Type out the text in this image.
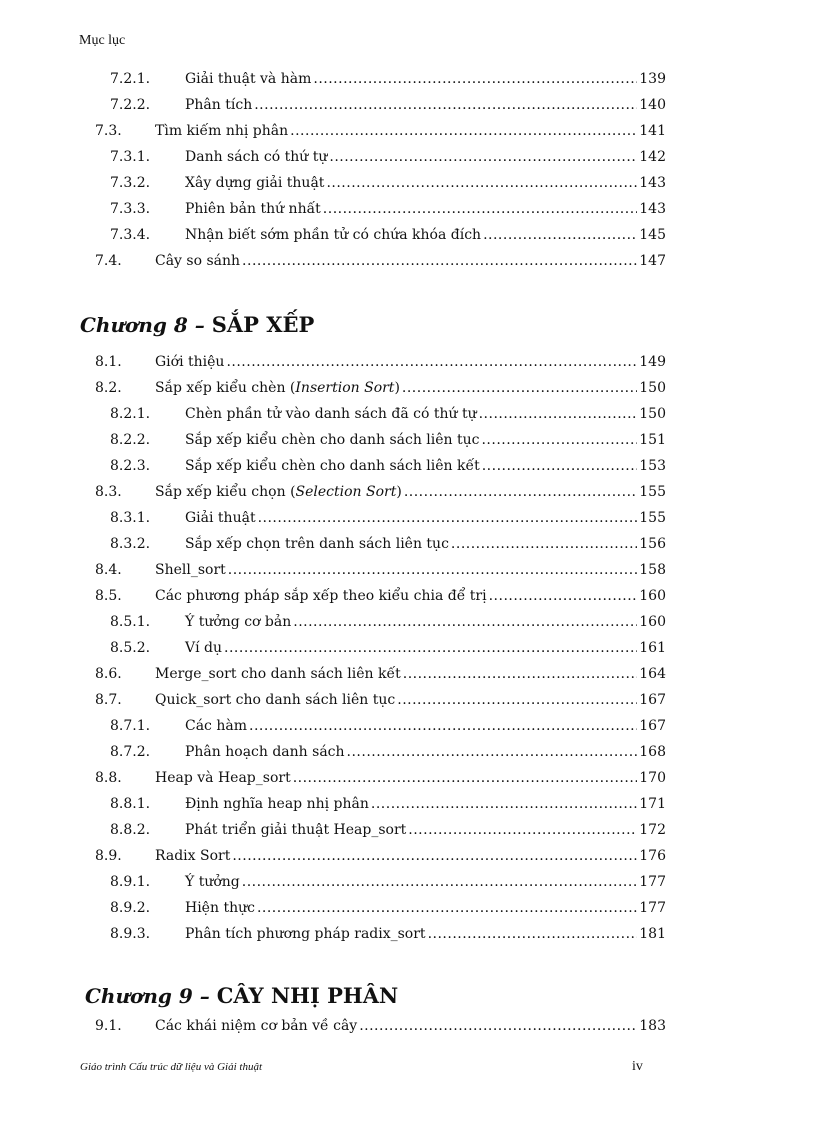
Mục lục
7.2.1. Giải thuật và hàm .....	139
7.2.2. Phân tích .....	140
7.3. Tìm kiếm nhị phân .....	141
7.3.1. Danh sách có thứ tự .....	142
7.3.2. Xây dựng giải thuật .....	143
7.3.3. Phiên bản thứ nhất .....	143
7.3.4. Nhận biết sớm phần tử có chứa khóa đích .....	145
7.4. Cây so sánh .....	147
Chương 8 – SẮP XẾP
8.1. Giới thiệu .....	149
8.2. Sắp xếp kiểu chèn (Insertion Sort) .....	150
8.2.1. Chèn phần tử vào danh sách đã có thứ tự .....	150
8.2.2. Sắp xếp kiểu chèn cho danh sách liên tục .....	151
8.2.3. Sắp xếp kiểu chèn cho danh sách liên kết .....	153
8.3. Sắp xếp kiểu chọn (Selection Sort) .....	155
8.3.1. Giải thuật .....	155
8.3.2. Sắp xếp chọn trên danh sách liên tục .....	156
8.4. Shell_sort .....	158
8.5. Các phương pháp sắp xếp theo kiểu chia để trị .....	160
8.5.1. Ý tưởng cơ bản .....	160
8.5.2. Ví dụ .....	161
8.6. Merge_sort cho danh sách liên kết .....	164
8.7. Quick_sort cho danh sách liên tục .....	167
8.7.1. Các hàm .....	167
8.7.2. Phân hoạch danh sách .....	168
8.8. Heap và Heap_sort .....	170
8.8.1. Định nghĩa heap nhị phân .....	171
8.8.2. Phát triển giải thuật Heap_sort .....	172
8.9. Radix Sort .....	176
8.9.1. Ý tưởng .....	177
8.9.2. Hiện thực .....	177
8.9.3. Phân tích phương pháp radix_sort .....	181
Chương 9 – CÂY NHỊ PHÂN
9.1. Các khái niệm cơ bản về cây .....	183
Giáo trình Cấu trúc dữ liệu và Giải thuật	iv
